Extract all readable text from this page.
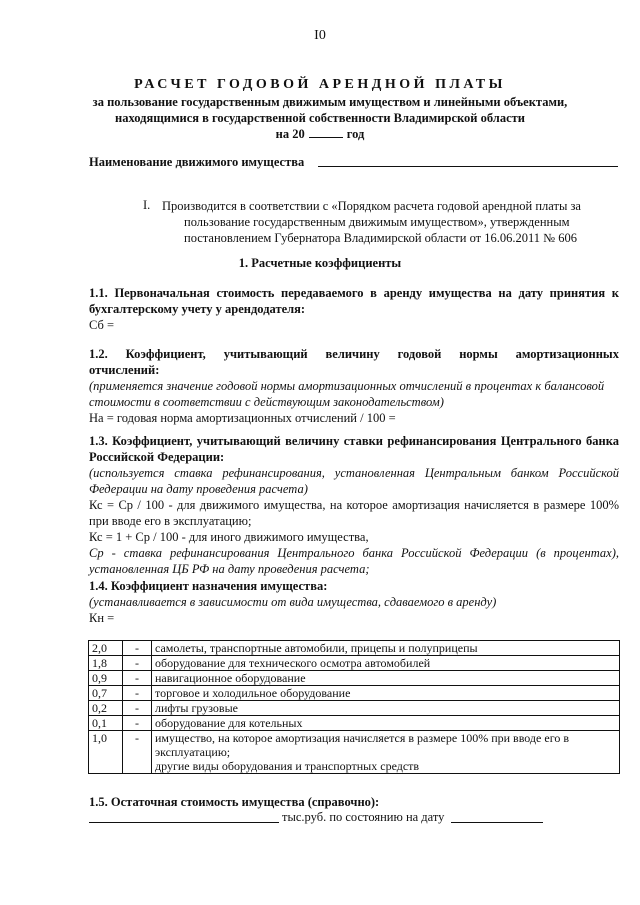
I0
РАСЧЕТ ГОДОВОЙ АРЕНДНОЙ ПЛАТЫ
за пользование государственным движимым имуществом и линейными объектами,
находящимися в государственной собственности Владимирской области
на 20	год
Наименование движимого имущества
I. Производится в соответствии с «Порядком расчета годовой арендной платы за
пользование государственным движимым имуществом», утвержденным
постановлением Губернатора Владимирской области от 16.06.2011 № 606
1. Расчетные коэффициенты
1.1. Первоначальная стоимость передаваемого в аренду имущества на дату принятия к бухгалтерскому учету у арендодателя:
Сб =
1.2. Коэффициент, учитывающий величину годовой нормы амортизационных
отчислений:
(применяется значение годовой нормы амортизационных отчислений в процентах к балансовой стоимости в соответствии с действующим законодательством)
На = годовая норма амортизационных отчислений / 100 =
1.3. Коэффициент, учитывающий величину ставки рефинансирования Центрального банка Российской Федерации:
(используется ставка рефинансирования, установленная Центральным банком Российской Федерации на дату проведения расчета)
Кс = Ср / 100 - для движимого имущества, на которое амортизация начисляется в размере 100% при вводе его в эксплуатацию;
Кс = 1 + Ср / 100 - для иного движимого имущества,
Ср - ставка рефинансирования Центрального банка Российской Федерации (в процентах), установленная ЦБ РФ на дату проведения расчета;
1.4. Коэффициент назначения имущества:
(устанавливается в зависимости от вида имущества, сдаваемого в аренду)
Кн =
2,0	-	самолеты, транспортные автомобили, прицепы и полуприцепы
1,8	-	оборудование для технического осмотра автомобилей
0,9	-	навигационное оборудование
0,7	-	торговое и холодильное оборудование
0,2	-	лифты грузовые
0,1	-	оборудование для котельных
1,0	-	имущество, на которое амортизация начисляется в размере 100% при вводе его в эксплуатацию;
другие виды оборудования и транспортных средств
1.5. Остаточная стоимость имущества (справочно):
тыс.руб. по состоянию на дату
